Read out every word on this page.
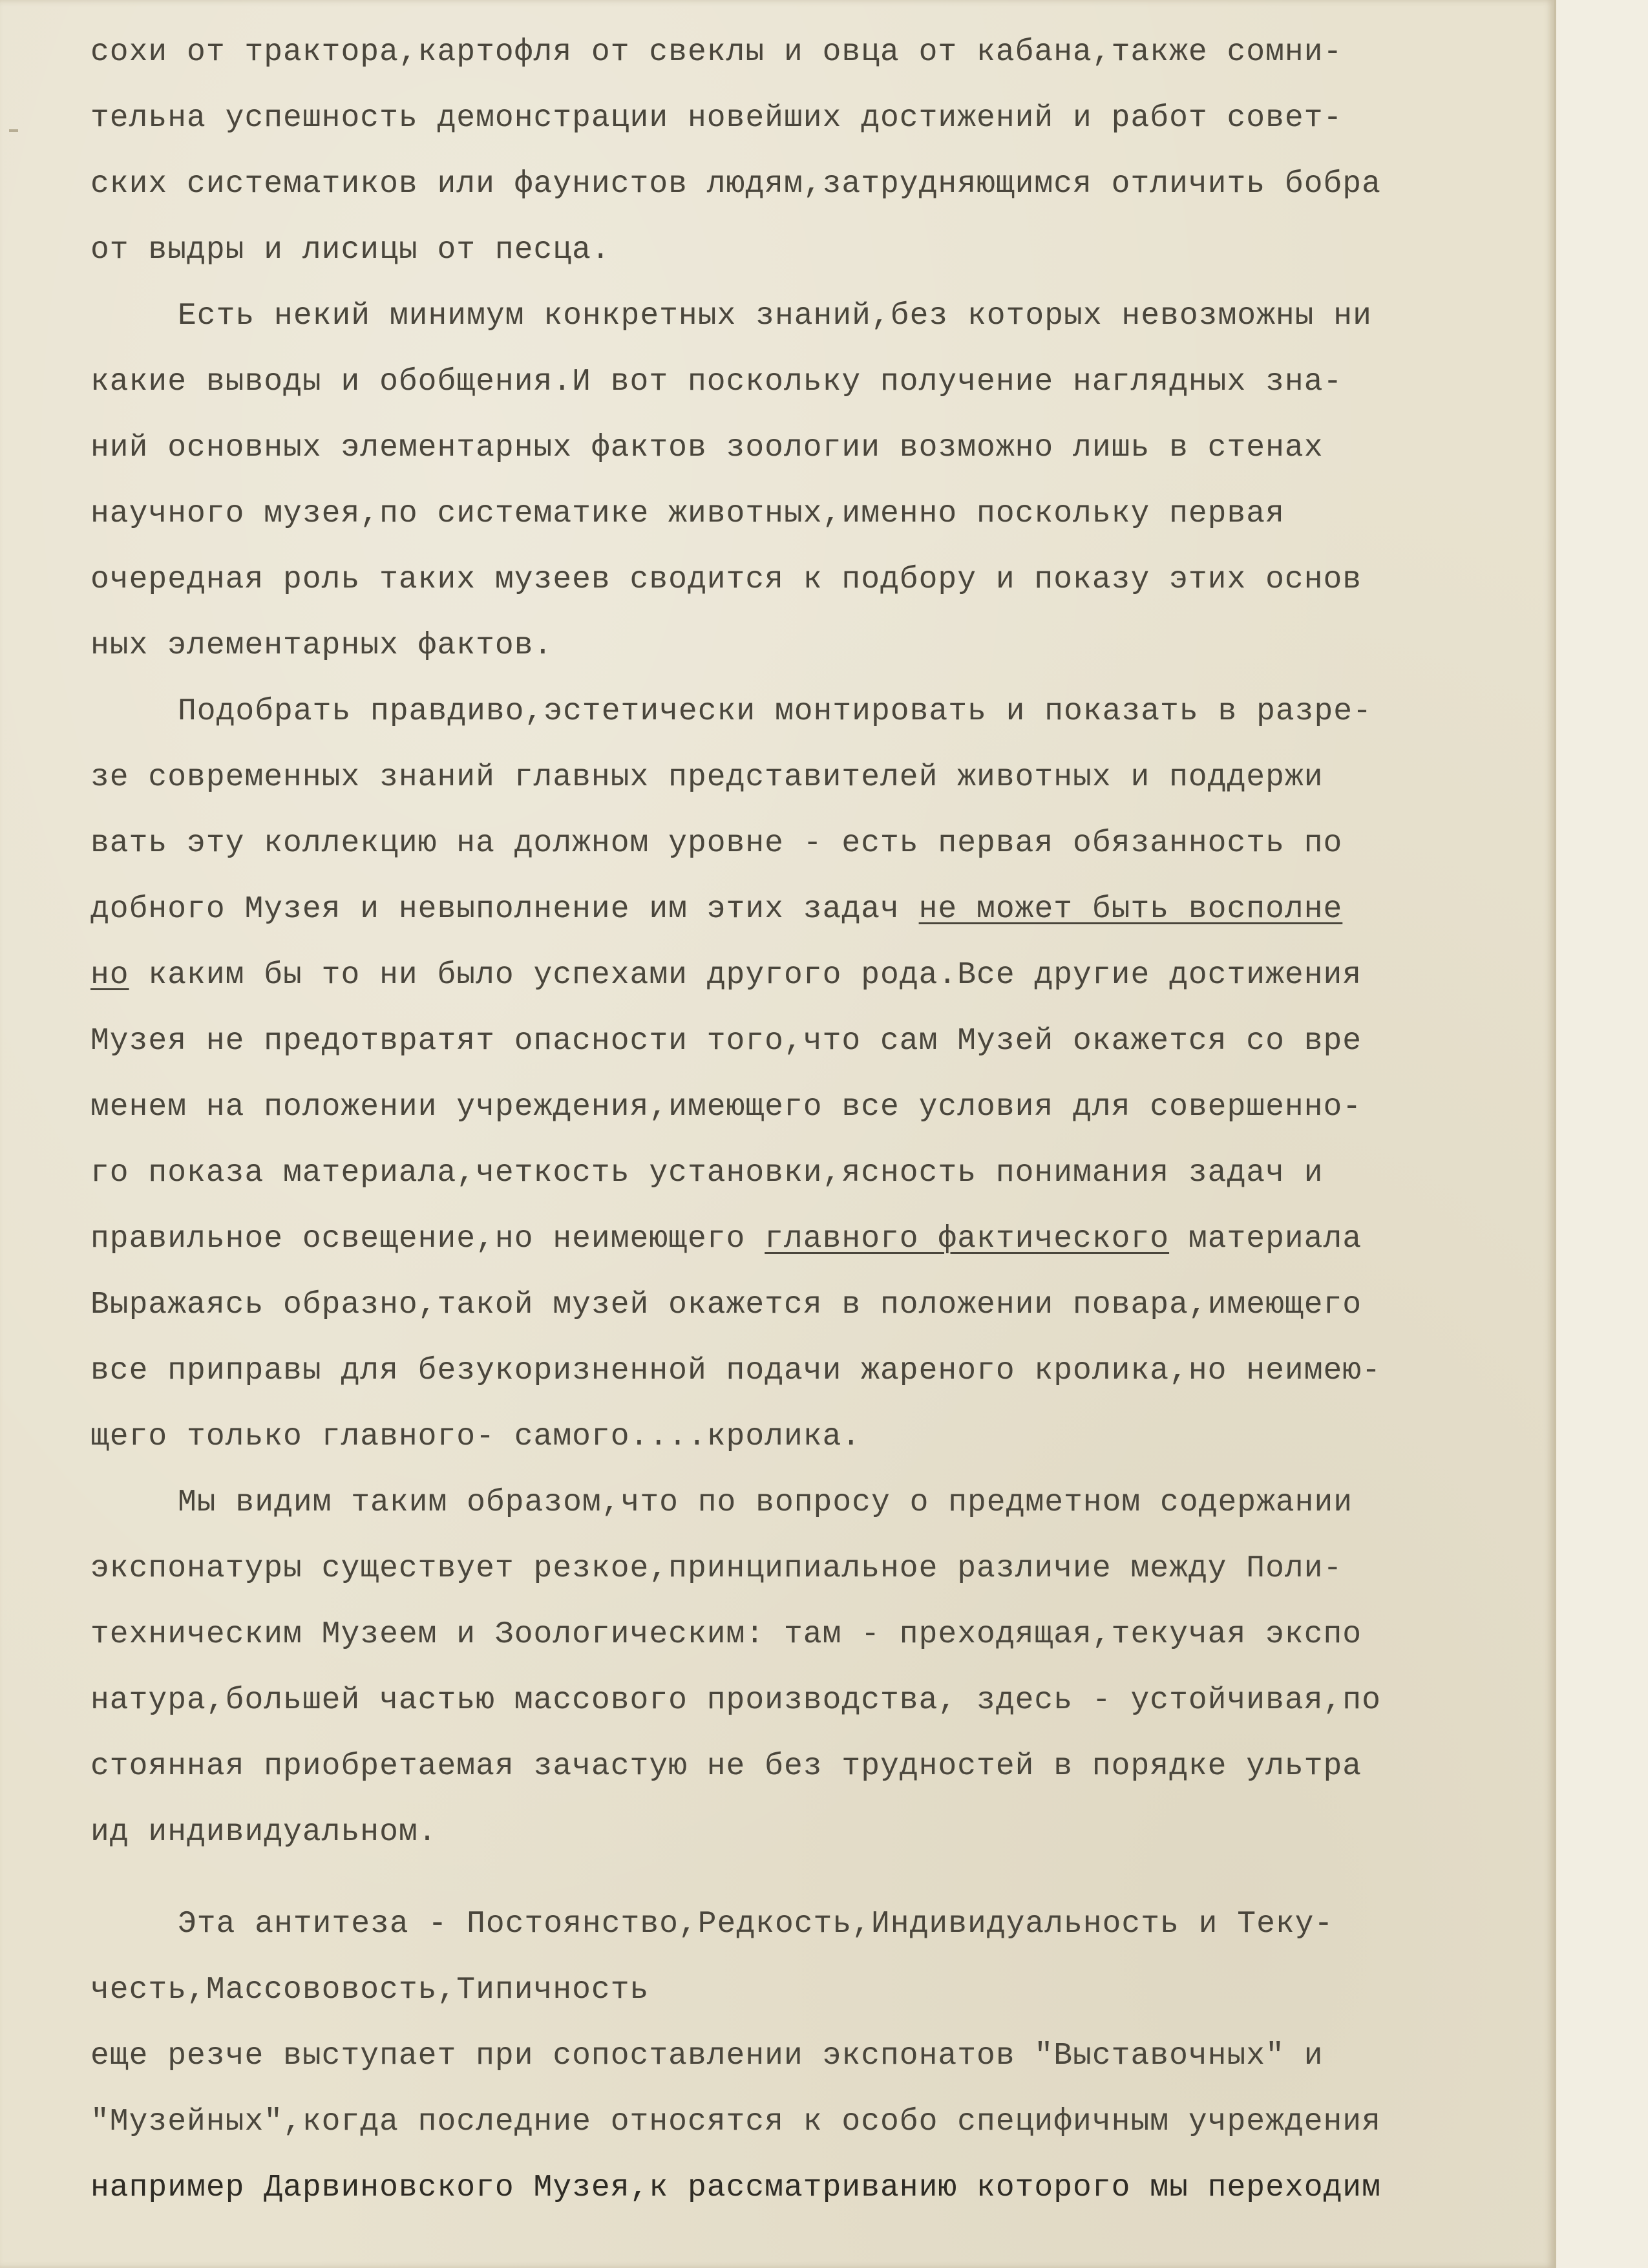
сохи от трактора,картофля от свеклы и овца от кабана,также сомни-
тельна успешность демонстрации новейших достижений и работ совет-
ских систематиков или фаунистов людям,затрудняющимся отличить бобра
от выдры и лисицы от песца.
Есть некий минимум конкретных знаний,без которых невозможны ни
какие выводы и обобщения.И вот поскольку получение наглядных зна-
ний основных элементарных фактов зоологии возможно лишь в стенах
научного музея,по систематике животных,именно поскольку первая
очередная роль таких музеев сводится к подбору и показу этих основ
ных элементарных фактов.
Подобрать правдиво,эстетически монтировать и показать в разре-
зе современных знаний главных представителей животных и поддержи
вать эту коллекцию на должном уровне - есть первая обязанность по
добного Музея и невыполнение им этих задач не может быть восполне
но каким бы то ни было успехами другого рода.Все другие достижения
Музея не предотвратят опасности того,что сам Музей окажется со вре
менем на положении учреждения,имеющего все условия для совершенно-
го показа материала,четкость установки,ясность понимания задач и
правильное освещение,но неимеющего главного фактического материала
Выражаясь образно,такой музей окажется в положении повара,имеющего
все приправы для безукоризненной подачи жареного кролика,но неимею-
щего только главного- самого....кролика.
Мы видим таким образом,что по вопросу о предметном содержании
экспонатуры существует резкое,принципиальное различие между Поли-
техническим Музеем и Зоологическим: там - преходящая,текучая экспо
натура,большей частью массового производства, здесь - устойчивая,по
стоянная приобретаемая зачастую не без трудностей в порядке ультра
ид индивидуальном.
Эта антитеза - Постоянство,Редкость,Индивидуальность и Теку-
честь,Массововость,Типичность
еще резче выступает при сопоставлении экспонатов "Выставочных" и
"Музейных",когда последние относятся к особо специфичным учреждения
например Дарвиновского Музея,к рассматриванию которого мы переходим
